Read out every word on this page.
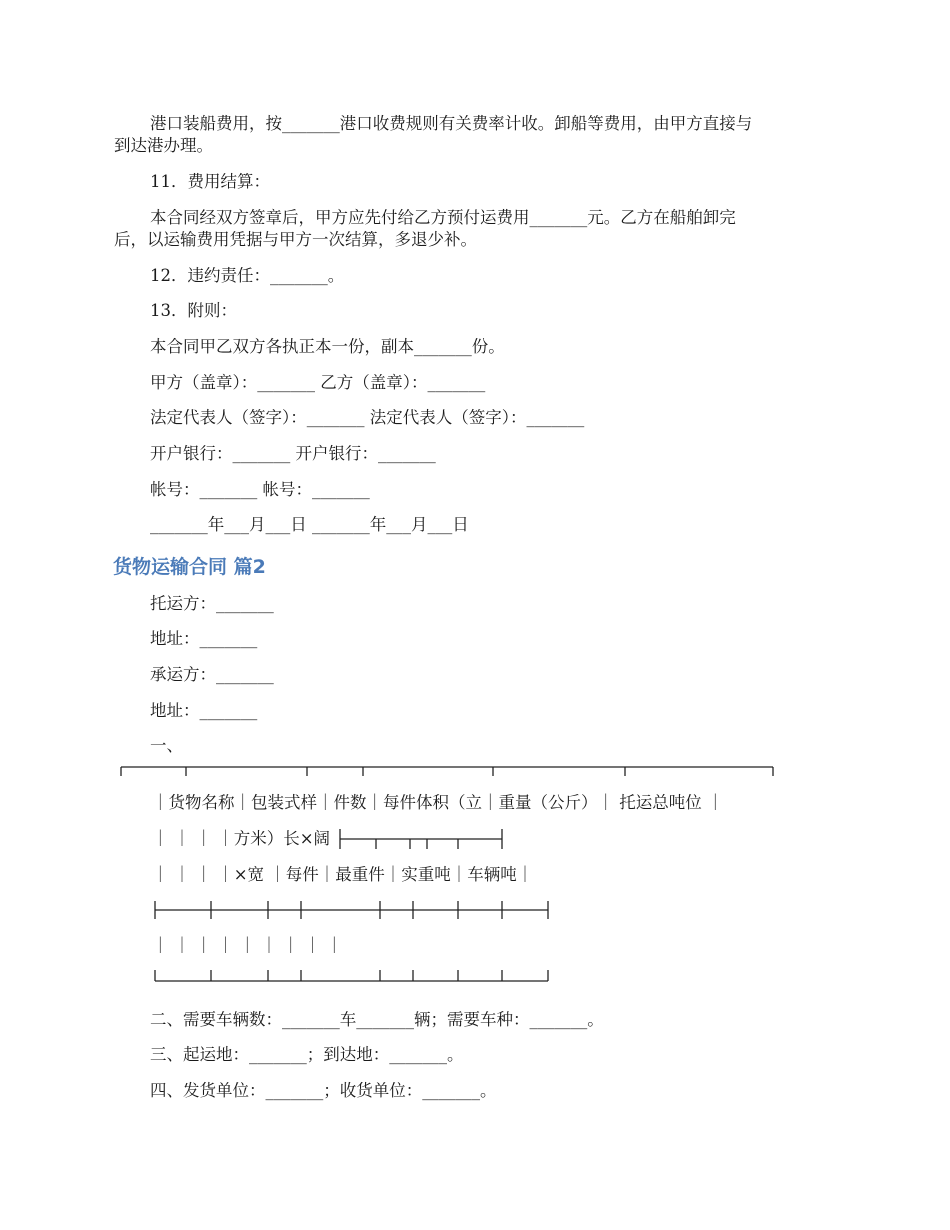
港口装船费用，按_______港口收费规则有关费率计收。卸船等费用，由甲方直接与
到达港办理。
11．费用结算：
本合同经双方签章后，甲方应先付给乙方预付运费用_______元。乙方在船舶卸完
后，以运输费用凭据与甲方一次结算，多退少补。
12．违约责任：_______。
13．附则：
本合同甲乙双方各执正本一份，副本_______份。
甲方（盖章）：_______ 乙方（盖章）：_______
法定代表人（签字）：_______ 法定代表人（签字）：_______
开户银行：_______ 开户银行：_______
帐号：_______ 帐号：_______
_______年___月___日 _______年___月___日
货物运输合同 篇2
托运方：_______
地址：_______
承运方：_______
地址：_______
一、
｜货物名称｜包装式样｜件数｜每件体积（立｜重量（公斤）｜ 托运总吨位 ｜
｜ ｜ ｜ ｜方米）长×阔
｜ ｜ ｜ ｜×宽 ｜每件｜最重件｜实重吨｜车辆吨｜
｜ ｜ ｜ ｜ ｜ ｜ ｜ ｜ ｜
二、需要车辆数：_______车_______辆；需要车种：_______。
三、起运地：_______；到达地：_______。
四、发货单位：_______；收货单位：_______。
